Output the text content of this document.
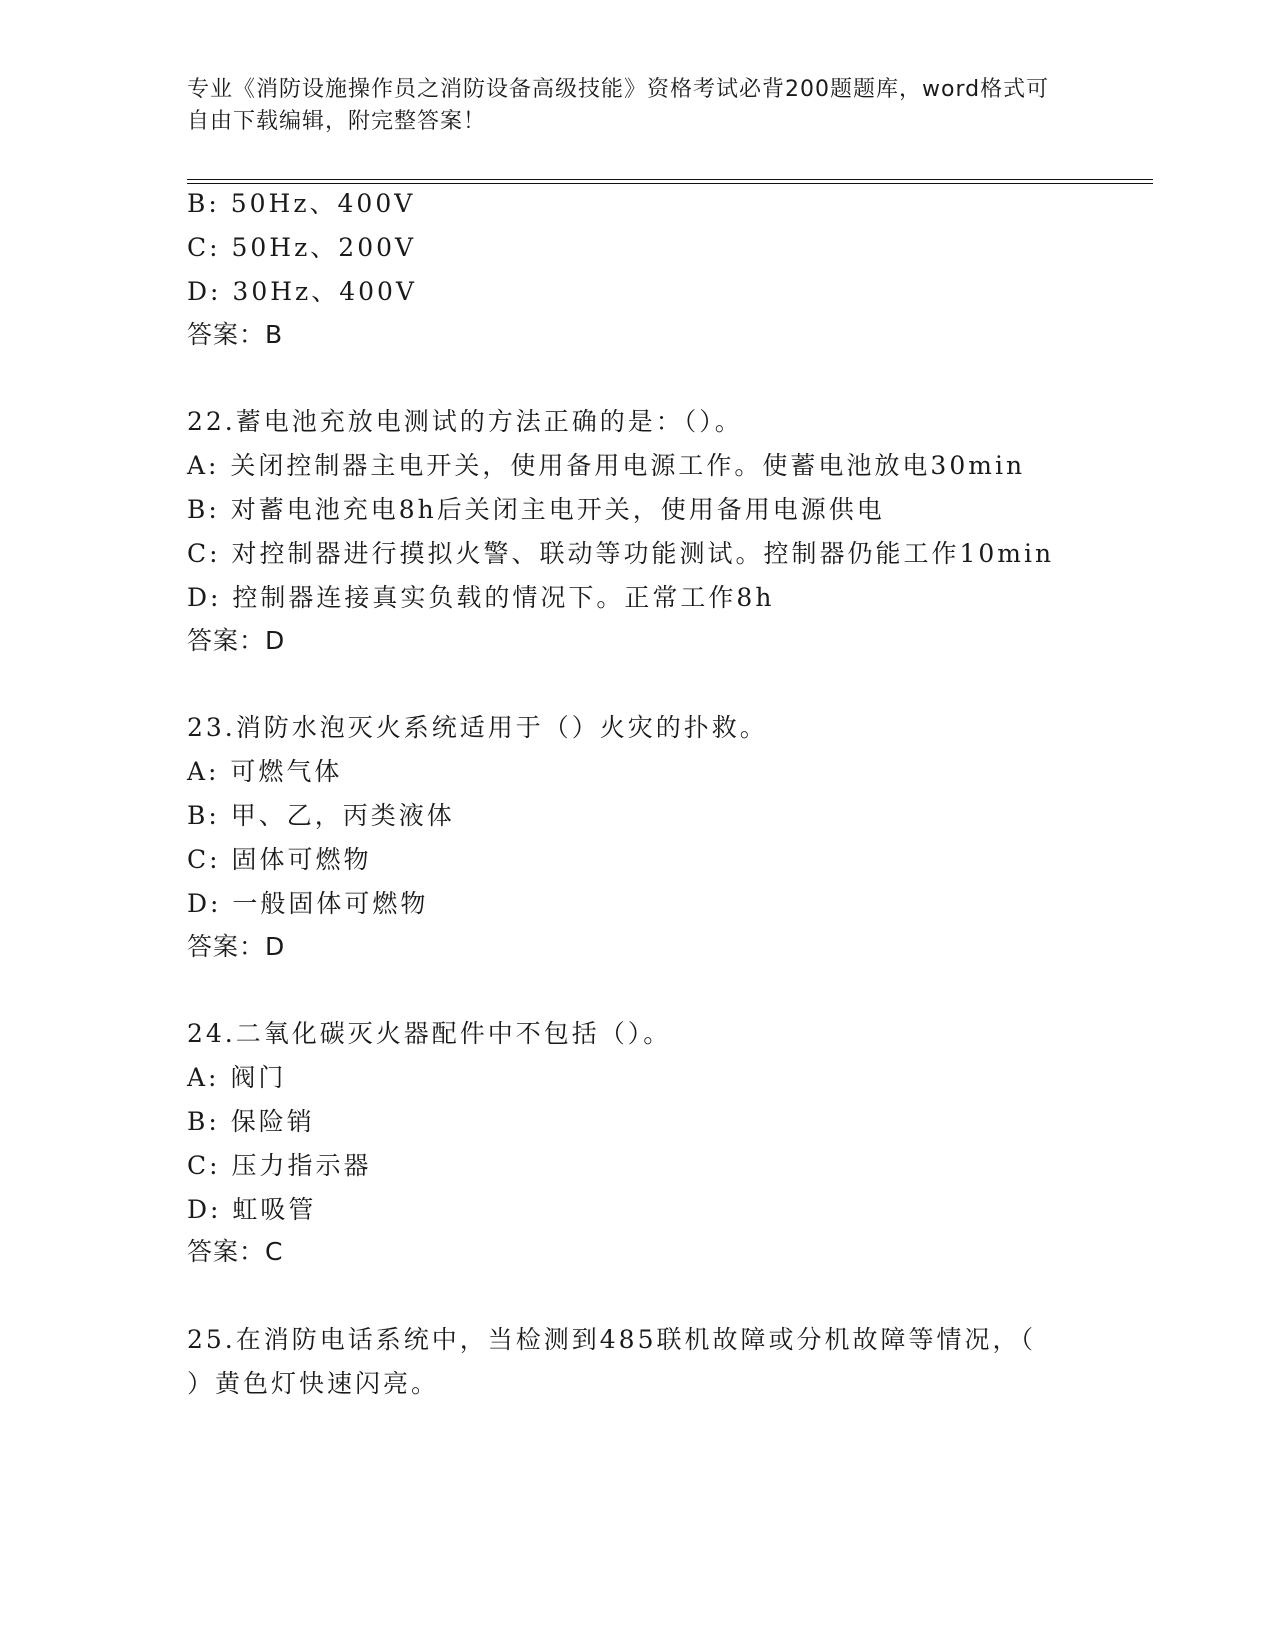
专业《消防设施操作员之消防设备高级技能》资格考试必背200题题库，word格式可自由下载编辑，附完整答案！
B: 50Hz、400V
C: 50Hz、200V
D: 30Hz、400V
答案：B
22.蓄电池充放电测试的方法正确的是：（）。
A: 关闭控制器主电开关，使用备用电源工作。使蓄电池放电30min
B: 对蓄电池充电8h后关闭主电开关，使用备用电源供电
C: 对控制器进行摸拟火警、联动等功能测试。控制器仍能工作10min
D: 控制器连接真实负载的情况下。正常工作8h
答案：D
23.消防水泡灭火系统适用于（）火灾的扑救。
A: 可燃气体
B: 甲、乙，丙类液体
C: 固体可燃物
D: 一般固体可燃物
答案：D
24.二氧化碳灭火器配件中不包括（）。
A: 阀门
B: 保险销
C: 压力指示器
D: 虹吸管
答案：C
25.在消防电话系统中，当检测到485联机故障或分机故障等情况，（
）黄色灯快速闪亮。
